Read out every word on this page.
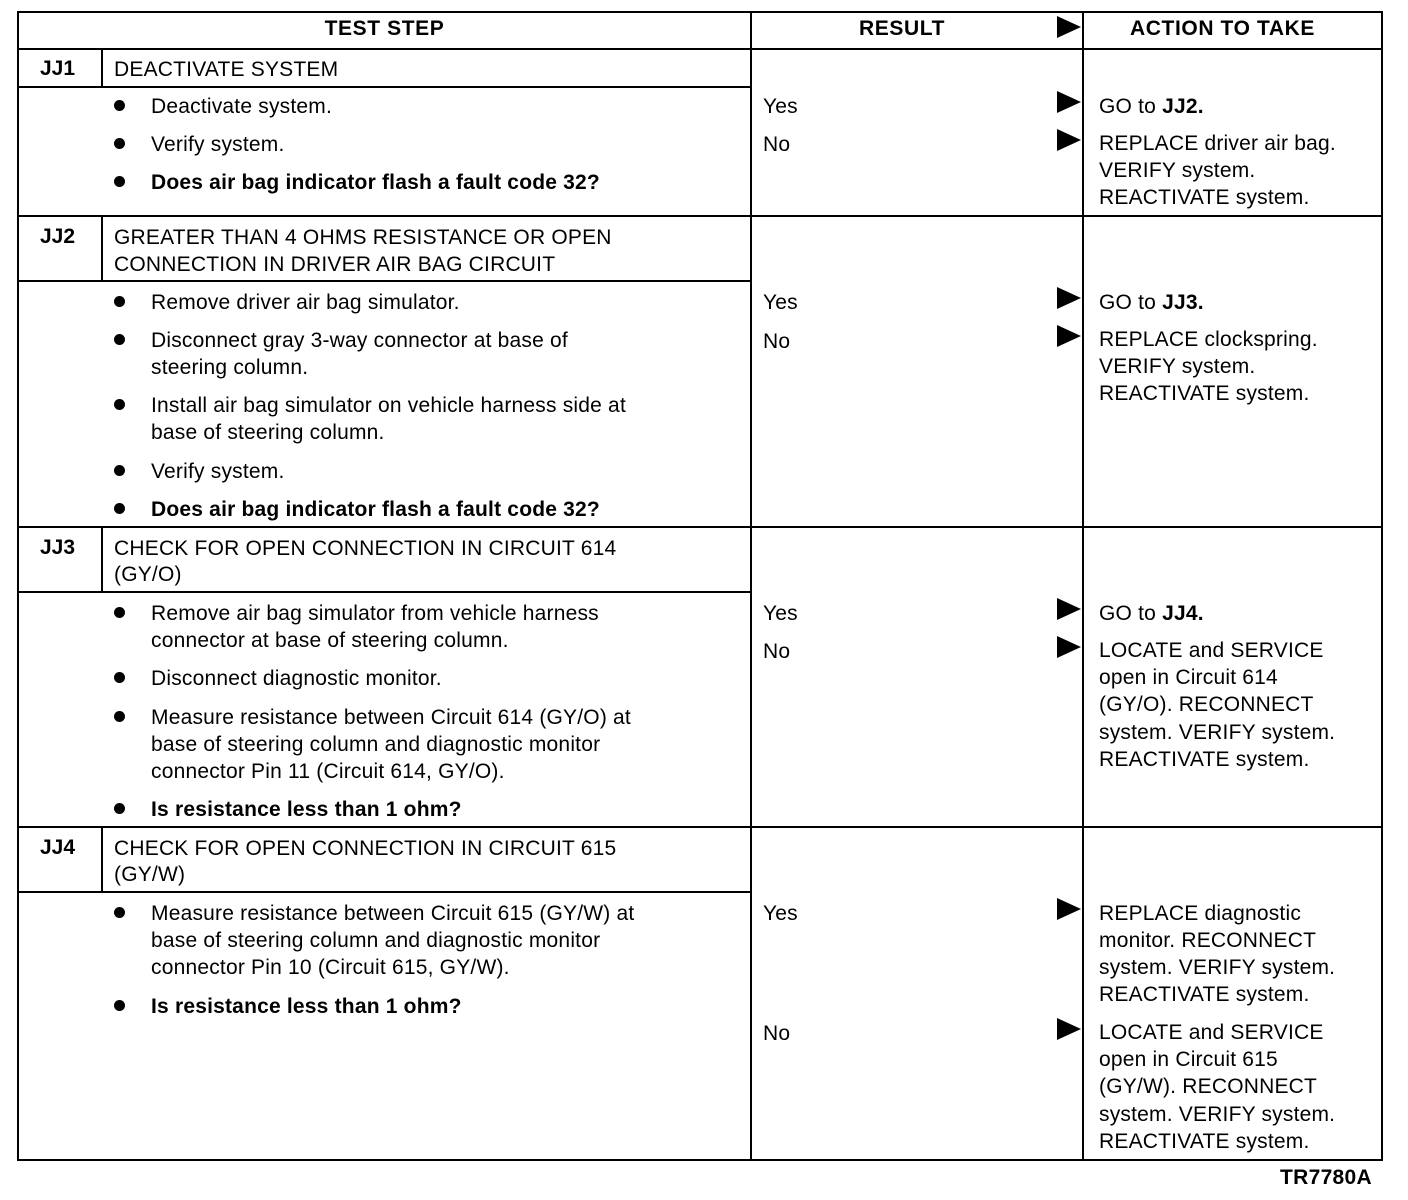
TEST STEP	RESULT	ACTION TO TAKE
JJ1 DEACTIVATE SYSTEM
Deactivate system.
Verify system.
Does air bag indicator flash a fault code 32?
Yes	GO to JJ2.
No	REPLACE driver air bag.
VERIFY system.
REACTIVATE system.
JJ2 GREATER THAN 4 OHMS RESISTANCE OR OPEN
CONNECTION IN DRIVER AIR BAG CIRCUIT
Remove driver air bag simulator.
Disconnect gray 3-way connector at base of
steering column.
Install air bag simulator on vehicle harness side at
base of steering column.
Verify system.
Does air bag indicator flash a fault code 32?
Yes	GO to JJ3.
No	REPLACE clockspring.
VERIFY system.
REACTIVATE system.
JJ3 CHECK FOR OPEN CONNECTION IN CIRCUIT 614
(GY/O)
Remove air bag simulator from vehicle harness
connector at base of steering column.
Disconnect diagnostic monitor.
Measure resistance between Circuit 614 (GY/O) at
base of steering column and diagnostic monitor
connector Pin 11 (Circuit 614, GY/O).
Is resistance less than 1 ohm?
Yes	GO to JJ4.
No	LOCATE and SERVICE
open in Circuit 614
(GY/O). RECONNECT
system. VERIFY system.
REACTIVATE system.
JJ4 CHECK FOR OPEN CONNECTION IN CIRCUIT 615
(GY/W)
Measure resistance between Circuit 615 (GY/W) at
base of steering column and diagnostic monitor
connector Pin 10 (Circuit 615, GY/W).
Is resistance less than 1 ohm?
Yes	REPLACE diagnostic
monitor. RECONNECT
system. VERIFY system.
REACTIVATE system.
No	LOCATE and SERVICE
open in Circuit 615
(GY/W). RECONNECT
system. VERIFY system.
REACTIVATE system.
TR7780A
